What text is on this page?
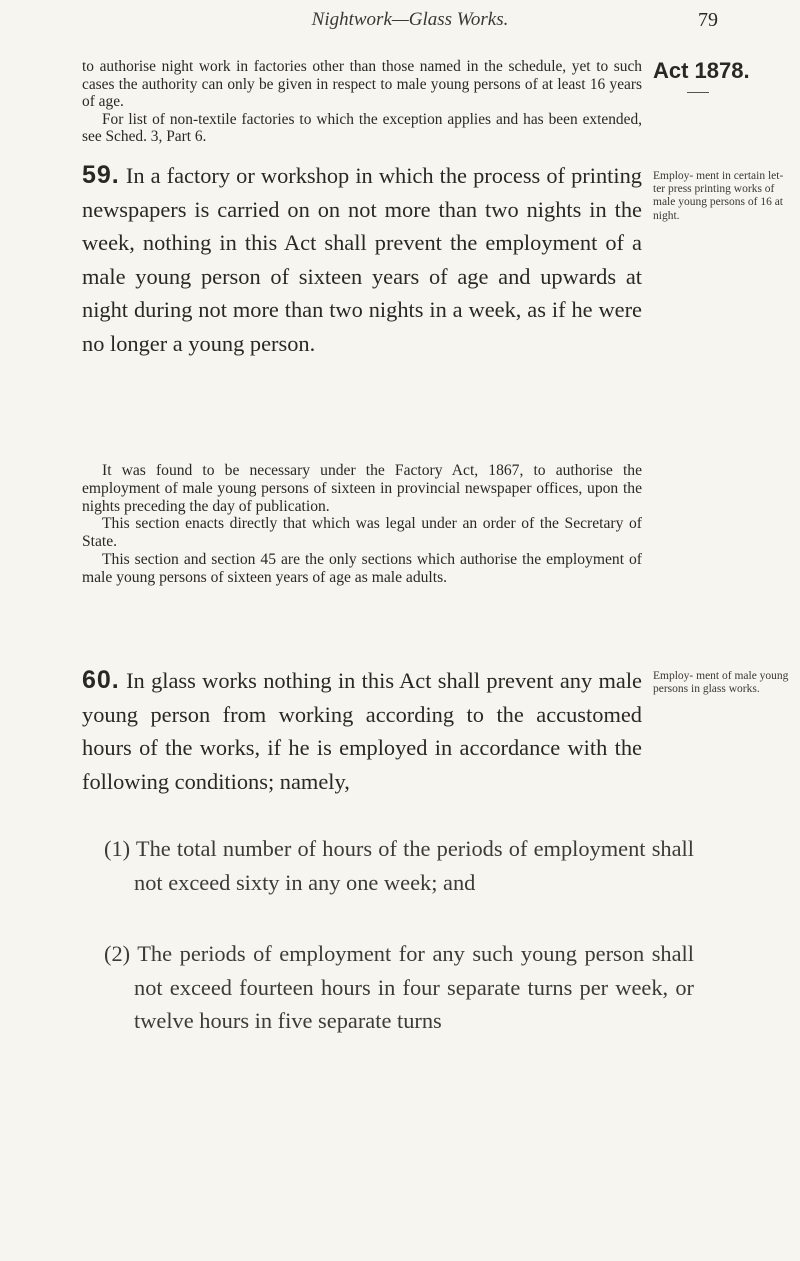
Nightwork—Glass Works.	79

to authorise night work in factories other than those named in the schedule, yet to such cases the authority can only be given in respect to male young persons of at least 16 years of age.

For list of non-textile factories to which the exception applies and has been extended, see Sched. 3, Part 6.

Act 1878.

59. In a factory or workshop in which the process of printing newspapers is carried on on not more than two nights in the week, nothing in this Act shall prevent the employment of a male young person of sixteen years of age and upwards at night during not more than two nights in a week, as if he were no longer a young person.

Employ- ment in certain let- ter press printing works of male young persons of 16 at night.

It was found to be necessary under the Factory Act, 1867, to authorise the employment of male young persons of sixteen in provincial newspaper offices, upon the nights preceding the day of publication.

This section enacts directly that which was legal under an order of the Secretary of State.

This section and section 45 are the only sections which authorise the employment of male young persons of sixteen years of age as male adults.

60. In glass works nothing in this Act shall prevent any male young person from working according to the accustomed hours of the works, if he is employed in accordance with the following conditions; namely,

Employ- ment of male young persons in glass works.

(1) The total number of hours of the periods of employment shall not exceed sixty in any one week; and

(2) The periods of employment for any such young person shall not exceed fourteen hours in four separate turns per week, or twelve hours in five separate turns
